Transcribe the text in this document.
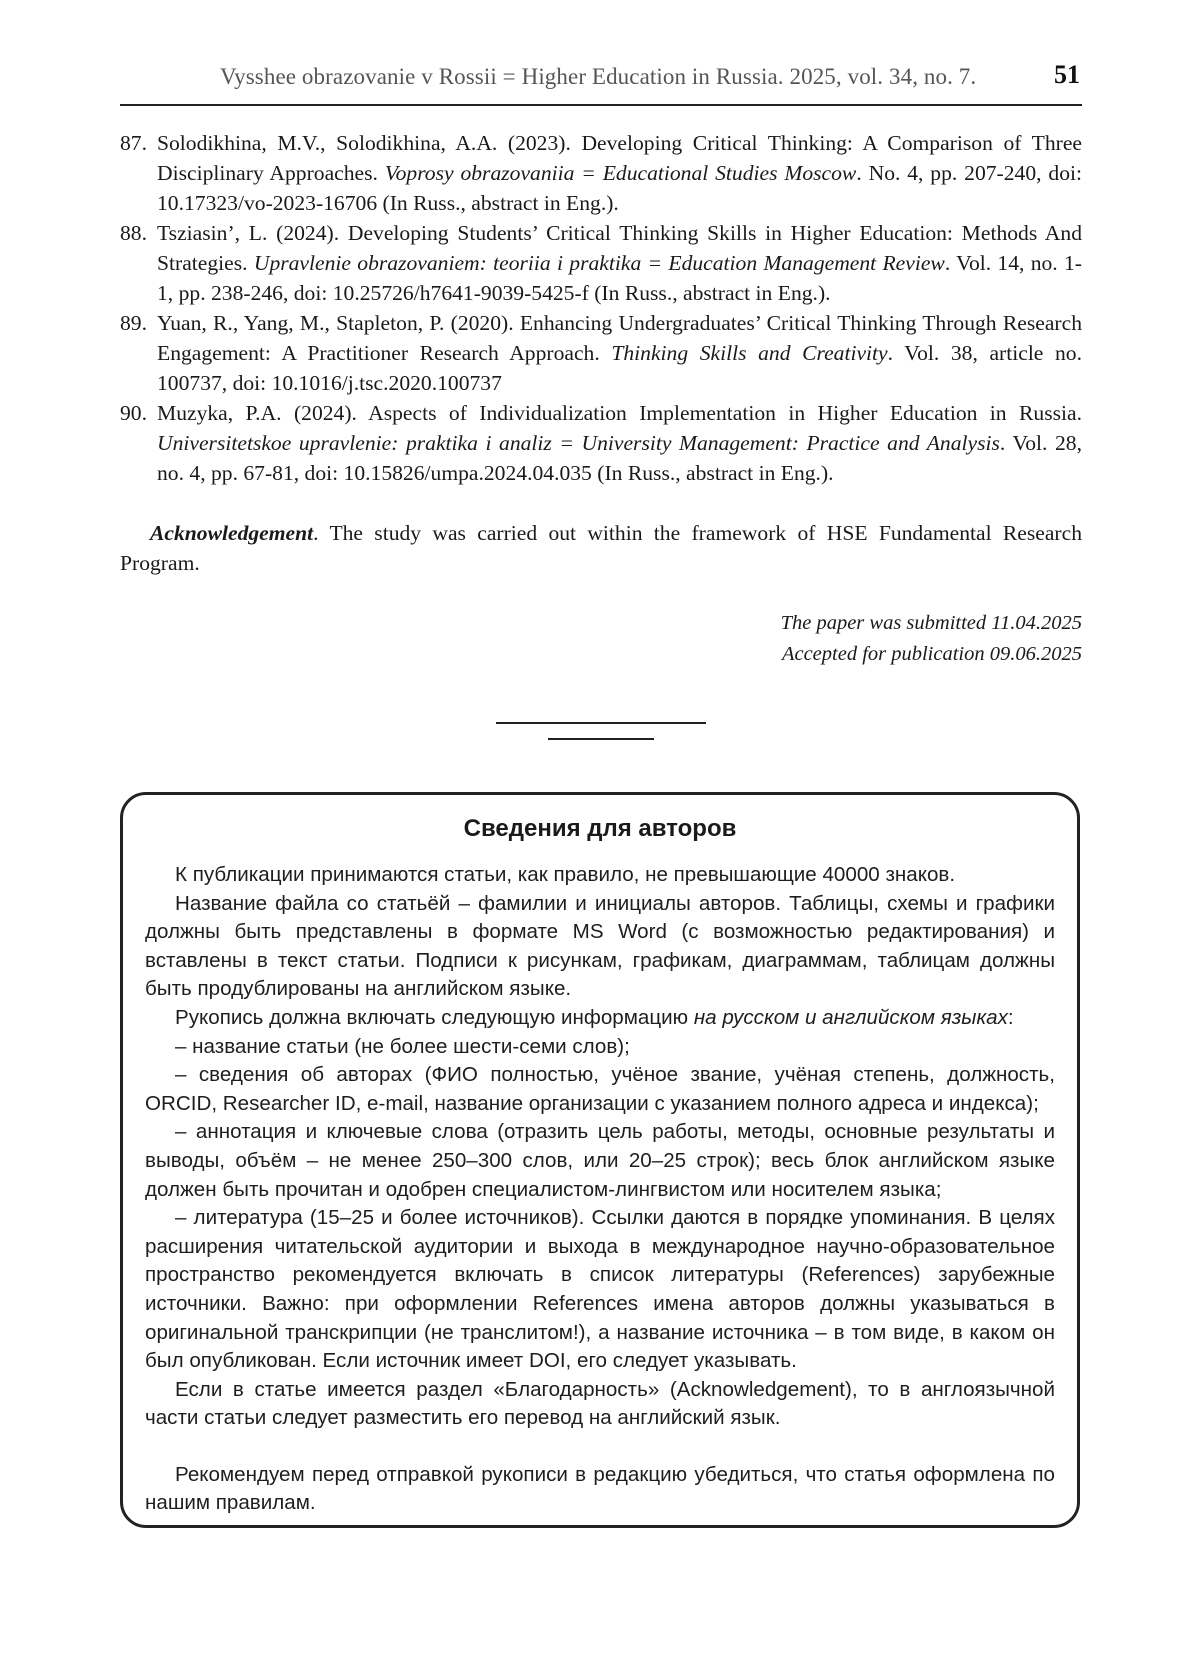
Vysshee obrazovanie v Rossii = Higher Education in Russia. 2025, vol. 34, no. 7.	51
87. Solodikhina, M.V., Solodikhina, A.A. (2023). Developing Critical Thinking: A Comparison of Three Disciplinary Approaches. Voprosy obrazovaniia = Educational Studies Moscow. No. 4, pp. 207-240, doi: 10.17323/vo-2023-16706 (In Russ., abstract in Eng.).
88. Tsziasin’, L. (2024). Developing Students’ Critical Thinking Skills in Higher Education: Methods And Strategies. Upravlenie obrazovaniem: teoriia i praktika = Education Management Review. Vol. 14, no. 1-1, pp. 238-246, doi: 10.25726/h7641-9039-5425-f (In Russ., abstract in Eng.).
89. Yuan, R., Yang, M., Stapleton, P. (2020). Enhancing Undergraduates’ Critical Thinking Through Research Engagement: A Practitioner Research Approach. Thinking Skills and Creativity. Vol. 38, article no. 100737, doi: 10.1016/j.tsc.2020.100737
90. Muzyka, P.A. (2024). Aspects of Individualization Implementation in Higher Education in Russia. Universitetskoe upravlenie: praktika i analiz = University Management: Practice and Analysis. Vol. 28, no. 4, pp. 67-81, doi: 10.15826/umpa.2024.04.035 (In Russ., abstract in Eng.).

Acknowledgement. The study was carried out within the framework of HSE Fundamental Research Program.

The paper was submitted 11.04.2025
Accepted for publication 09.06.2025
Сведения для авторов

К публикации принимаются статьи, как правило, не превышающие 40000 знаков.

Название файла со статьёй – фамилии и инициалы авторов. Таблицы, схемы и графики должны быть представлены в формате MS Word (с возможностью редактирования) и вставлены в текст статьи. Подписи к рисункам, графикам, диаграммам, таблицам должны быть продублированы на английском языке.

Рукопись должна включать следующую информацию на русском и английском языках:

– название статьи (не более шести-семи слов);

– сведения об авторах (ФИО полностью, учёное звание, учёная степень, должность, ORCID, Researcher ID, e-mail, название организации с указанием полного адреса и индекса);

– аннотация и ключевые слова (отразить цель работы, методы, основные результаты и выводы, объём – не менее 250–300 слов, или 20–25 строк); весь блок английском языке должен быть прочитан и одобрен специалистом-лингвистом или носителем языка;

– литература (15–25 и более источников). Ссылки даются в порядке упоминания. В целях расширения читательской аудитории и выхода в международное научно-образовательное пространство рекомендуется включать в список литературы (References) зарубежные источники. Важно: при оформлении References имена авторов должны указываться в оригинальной транскрипции (не транслитом!), а название источника – в том виде, в каком он был опубликован. Если источник имеет DOI, его следует указывать.

Если в статье имеется раздел «Благодарность» (Acknowledgement), то в англоязычной части статьи следует разместить его перевод на английский язык.

Рекомендуем перед отправкой рукописи в редакцию убедиться, что статья оформлена по нашим правилам.
